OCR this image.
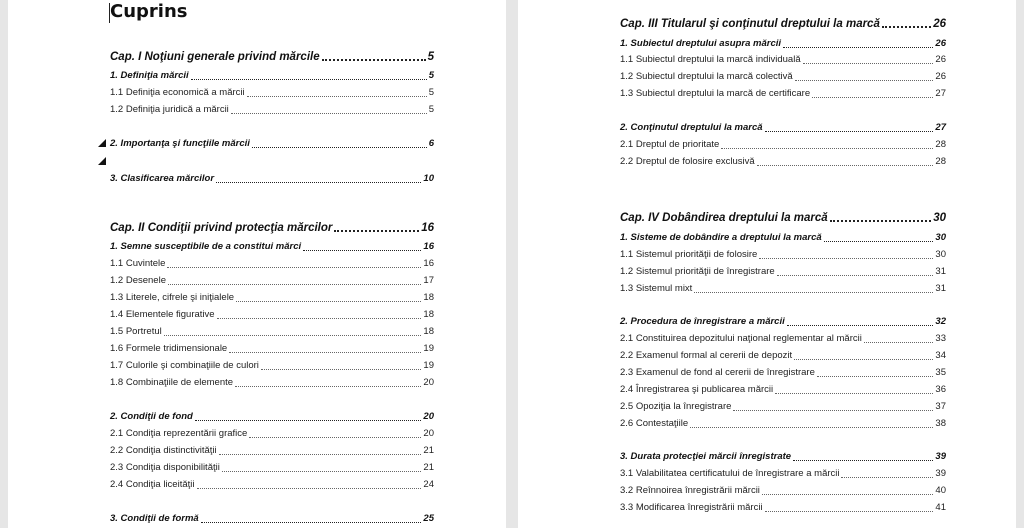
Cuprins
Cap. I Noţiuni generale privind mărcile	5
1. Definiţia mărcii	5
1.1 Definiţia economică a mărcii	5
1.2 Definiţia juridică a mărcii	5
2. Importanţa şi funcţiile mărcii	6
3. Clasificarea mărcilor	10
Cap. II Condiţii privind protecţia mărcilor	16
1. Semne susceptibile de a constitui mărci	16
1.1 Cuvintele	16
1.2 Desenele	17
1.3 Literele, cifrele şi iniţialele	18
1.4 Elementele figurative	18
1.5 Portretul	18
1.6 Formele tridimensionale	19
1.7 Culorile şi combinaţiile de culori	19
1.8 Combinaţiile de elemente	20
2. Condiţii de fond	20
2.1 Condiţia reprezentării grafice	20
2.2 Condiţia distinctivităţii	21
2.3 Condiţia disponibilităţii	21
2.4 Condiţia liceităţii	24
3. Condiţii de formă	25
Cap. III Titularul şi conţinutul dreptului la marcă	26
1. Subiectul dreptului asupra mărcii	26
1.1 Subiectul dreptului la marcă individuală	26
1.2 Subiectul dreptului la marcă colectivă	26
1.3 Subiectul dreptului la marcă de certificare	27
2. Conţinutul dreptului la marcă	27
2.1 Dreptul de prioritate	28
2.2 Dreptul de folosire exclusivă	28
Cap. IV Dobândirea dreptului la marcă	30
1. Sisteme de dobândire a dreptului la marcă	30
1.1 Sistemul priorităţii de folosire	30
1.2 Sistemul priorităţii de înregistrare	31
1.3 Sistemul mixt	31
2. Procedura de înregistrare a mărcii	32
2.1 Constituirea depozitului naţional reglementar al mărcii	33
2.2 Examenul formal al cererii de depozit	34
2.3 Examenul de fond al cererii de înregistrare	35
2.4 Înregistrarea şi publicarea mărcii	36
2.5 Opoziţia la înregistrare	37
2.6 Contestaţiile	38
3. Durata protecţiei mărcii înregistrate	39
3.1 Valabilitatea certificatului de înregistrare a mărcii	39
3.2 Reînnoirea înregistrării mărcii	40
3.3 Modificarea înregistrării mărcii	41
